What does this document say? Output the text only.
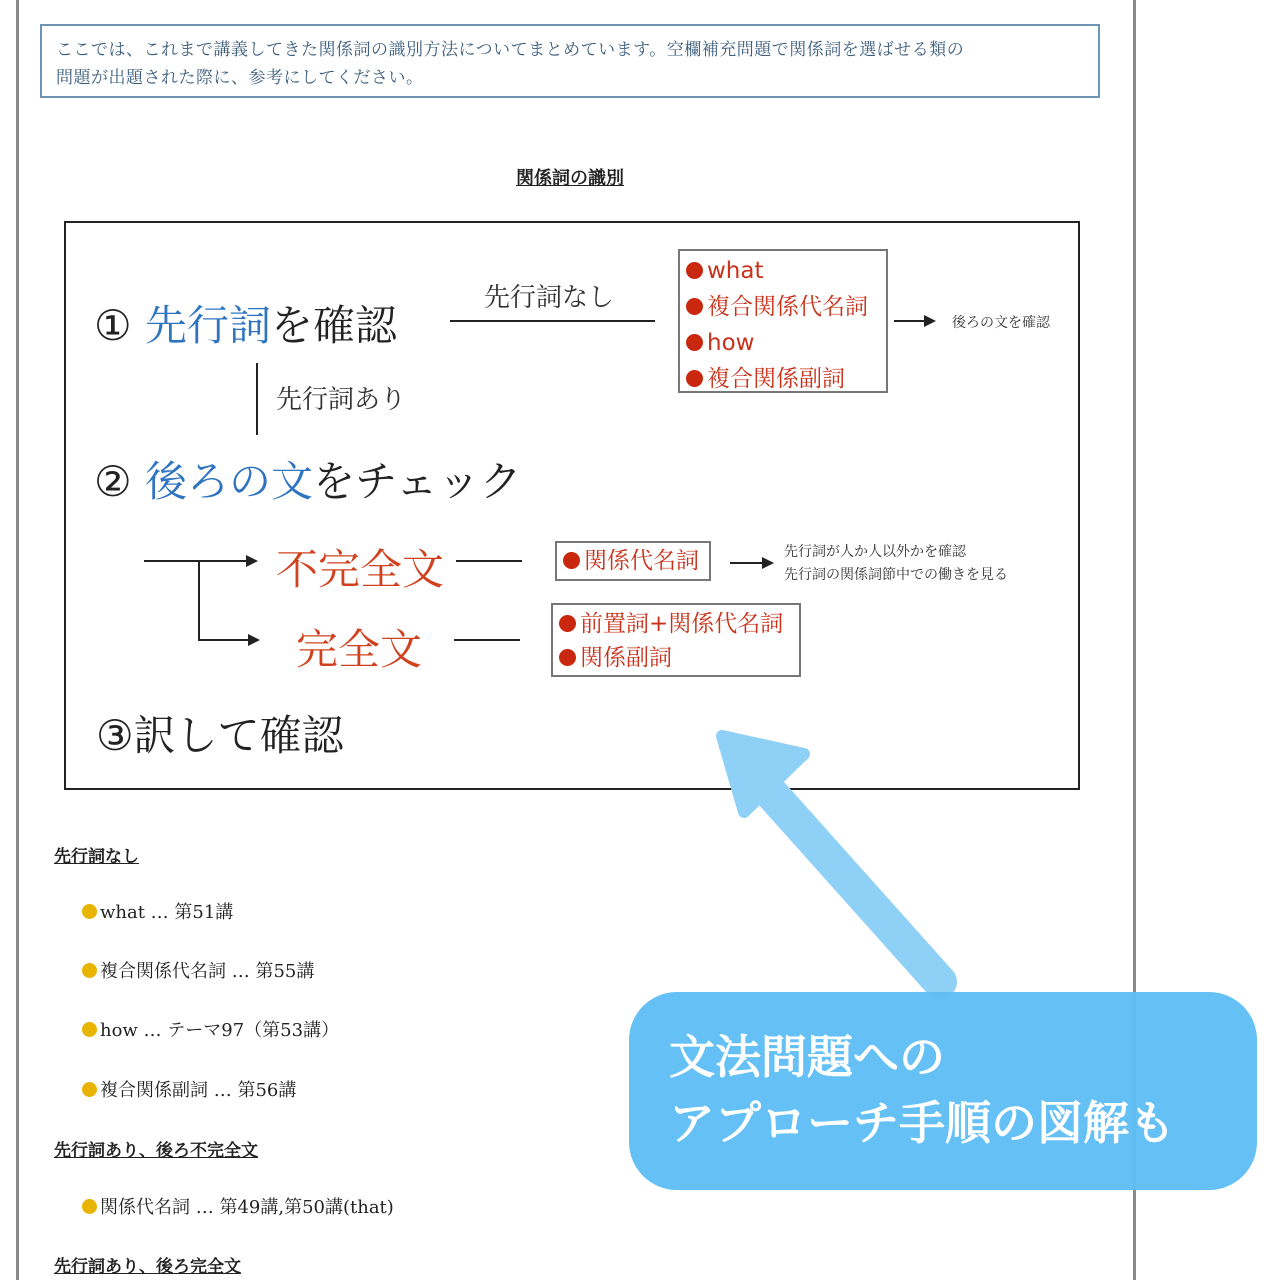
ここでは、これまで講義してきた関係詞の識別方法についてまとめています。空欄補充問題で関係詞を選ばせる類の
問題が出題された際に、参考にしてください。
関係詞の識別
① 先行詞を確認
先行詞なし
what
複合関係代名詞
how
複合関係副詞
後ろの文を確認
先行詞あり
② 後ろの文をチェック
不完全文	関係代名詞	先行詞が人か人以外かを確認
先行詞の関係詞節中での働きを見る
完全文
前置詞+関係代名詞
関係副詞
③訳して確認
先行詞なし
what … 第51講
複合関係代名詞 … 第55講
how … テーマ97（第53講）
複合関係副詞 … 第56講
先行詞あり、後ろ不完全文
関係代名詞 … 第49講,第50講(that)
先行詞あり、後ろ完全文
文法問題への
アプローチ手順の図解も
